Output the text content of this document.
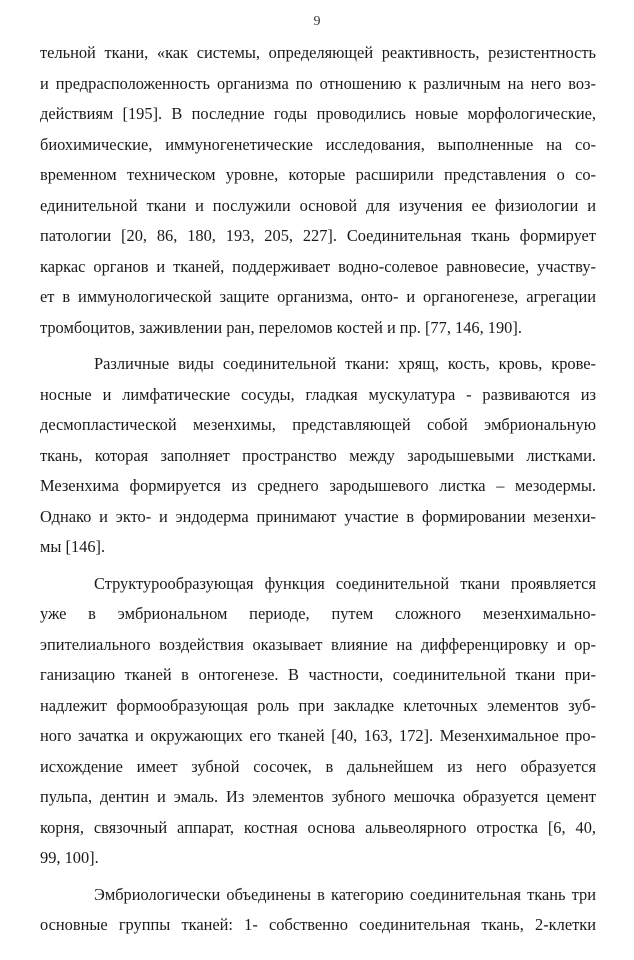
9
тельной ткани, «как системы, определяющей реактивность, резистентность
и предрасположенность организма по отношению к различным на него воз-
действиям [195]. В последние годы проводились новые морфологические,
биохимические, иммуногенетические исследования, выполненные на со-
временном техническом уровне, которые расширили представления о со-
единительной ткани и послужили основой для изучения ее физиологии и
патологии [20, 86, 180, 193, 205, 227]. Соединительная ткань формирует
каркас органов и тканей, поддерживает водно-солевое равновесие, участву-
ет в иммунологической защите организма, онто- и органогенезе, агрегации
тромбоцитов, заживлении ран, переломов костей и пр. [77, 146, 190].
Различные виды соединительной ткани: хрящ, кость, кровь, крове-
носные и лимфатические сосуды, гладкая мускулатура - развиваются из
десмопластической мезенхимы, представляющей собой эмбриональную
ткань, которая заполняет пространство между зародышевыми листками.
Мезенхима формируется из среднего зародышевого листка – мезодермы.
Однако и экто- и эндодерма принимают участие в формировании мезенхи-
мы [146].
Структурообразующая функция соединительной ткани проявляется
уже в эмбриональном периоде, путем сложного мезенхимально-
эпителиального воздействия оказывает влияние на дифференцировку и ор-
ганизацию тканей в онтогенезе. В частности, соединительной ткани при-
надлежит формообразующая роль при закладке клеточных элементов зуб-
ного зачатка и окружающих его тканей [40, 163, 172]. Мезенхимальное про-
исхождение имеет зубной сосочек, в дальнейшем из него образуется
пульпа, дентин и эмаль. Из элементов зубного мешочка образуется цемент
корня, связочный аппарат, костная основа альвеолярного отростка [6, 40,
99, 100].
Эмбриологически объединены в категорию соединительная ткань три
основные группы тканей: 1- собственно соединительная ткань, 2-клетки
